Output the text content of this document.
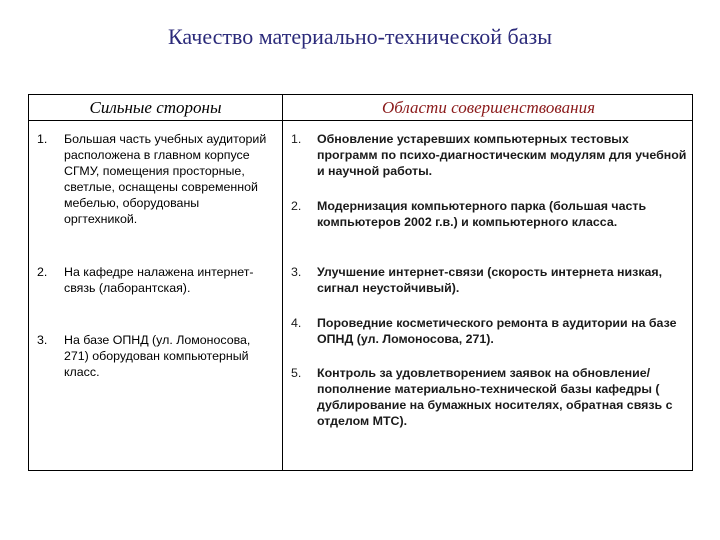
Качество материально-технической базы
Сильные стороны	Области совершенствования
1. Большая часть учебных аудиторий расположена в главном корпусе СГМУ, помещения просторные, светлые, оснащены современной мебелью, оборудованы оргтехникой.
2. На кафедре налажена интернет-связь (лаборантская).
3. На базе ОПНД (ул. Ломоносова, 271) оборудован компьютерный класс.
1. Обновление устаревших компьютерных тестовых программ по психо-диагностическим модулям для учебной и научной работы.
2. Модернизация компьютерного парка (большая часть компьютеров 2002 г.в.) и компьютерного класса.
3. Улучшение интернет-связи (скорость интернета низкая, сигнал неустойчивый).
4. Пороведние косметического ремонта в аудитории на базе ОПНД (ул. Ломоносова, 271).
5. Контроль за удовлетворением заявок на обновление/пополнение материально-технической базы кафедры ( дублирование на бумажных носителях, обратная связь с отделом МТС).
